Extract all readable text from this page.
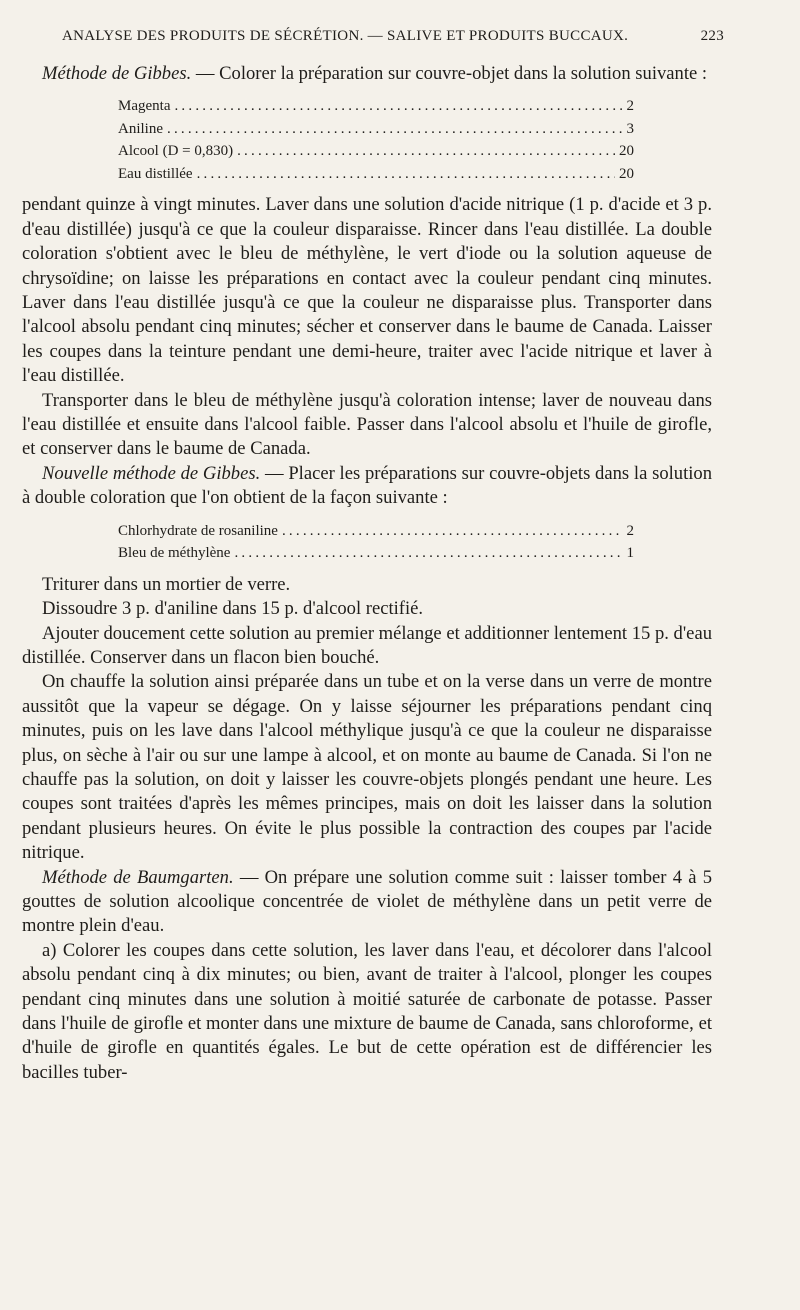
ANALYSE DES PRODUITS DE SÉCRÉTION. — SALIVE ET PRODUITS BUCCAUX.	223

Méthode de Gibbes. — Colorer la préparation sur couvre-objet dans la solution suivante :

Magenta .....	2
Aniline .....	3
Alcool (D = 0,830) .....	20
Eau distillée .....	20

pendant quinze à vingt minutes. Laver dans une solution d'acide nitrique (1 p. d'acide et 3 p. d'eau distillée) jusqu'à ce que la couleur disparaisse. Rincer dans l'eau distillée. La double coloration s'obtient avec le bleu de méthylène, le vert d'iode ou la solution aqueuse de chrysoïdine; on laisse les préparations en contact avec la couleur pendant cinq minutes. Laver dans l'eau distillée jusqu'à ce que la couleur ne disparaisse plus. Transporter dans l'alcool absolu pendant cinq minutes; sécher et conserver dans le baume de Canada. Laisser les coupes dans la teinture pendant une demi-heure, traiter avec l'acide nitrique et laver à l'eau distillée.

Transporter dans le bleu de méthylène jusqu'à coloration intense; laver de nouveau dans l'eau distillée et ensuite dans l'alcool faible. Passer dans l'alcool absolu et l'huile de girofle, et conserver dans le baume de Canada.

Nouvelle méthode de Gibbes. — Placer les préparations sur couvre-objets dans la solution à double coloration que l'on obtient de la façon suivante :

Chlorhydrate de rosaniline .....	2
Bleu de méthylène .....	1

Triturer dans un mortier de verre.

Dissoudre 3 p. d'aniline dans 15 p. d'alcool rectifié.

Ajouter doucement cette solution au premier mélange et additionner lentement 15 p. d'eau distillée. Conserver dans un flacon bien bouché.

On chauffe la solution ainsi préparée dans un tube et on la verse dans un verre de montre aussitôt que la vapeur se dégage. On y laisse séjourner les préparations pendant cinq minutes, puis on les lave dans l'alcool méthylique jusqu'à ce que la couleur ne disparaisse plus, on sèche à l'air ou sur une lampe à alcool, et on monte au baume de Canada. Si l'on ne chauffe pas la solution, on doit y laisser les couvre-objets plongés pendant une heure. Les coupes sont traitées d'après les mêmes principes, mais on doit les laisser dans la solution pendant plusieurs heures. On évite le plus possible la contraction des coupes par l'acide nitrique.

Méthode de Baumgarten. — On prépare une solution comme suit : laisser tomber 4 à 5 gouttes de solution alcoolique concentrée de violet de méthylène dans un petit verre de montre plein d'eau.

a) Colorer les coupes dans cette solution, les laver dans l'eau, et décolorer dans l'alcool absolu pendant cinq à dix minutes; ou bien, avant de traiter à l'alcool, plonger les coupes pendant cinq minutes dans une solution à moitié saturée de carbonate de potasse. Passer dans l'huile de girofle et monter dans une mixture de baume de Canada, sans chloroforme, et d'huile de girofle en quantités égales. Le but de cette opération est de différencier les bacilles tuber-
